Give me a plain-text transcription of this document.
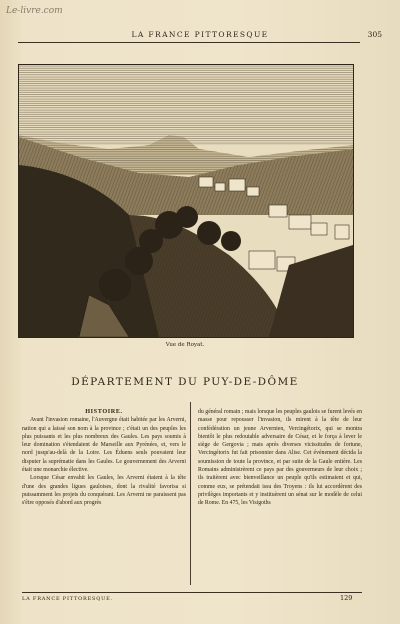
Le-livre.com
LA FRANCE PITTORESQUE	305
Vue de Royat.
DÉPARTEMENT DU PUY-DE-DÔME

HISTOIRE.

Avant l'invasion romaine, l'Auvergne était habitée par les Arverni, nation qui a laissé son nom à la province ; c'était un des peuples les plus puissants et les plus nombreux des Gaules. Les pays soumis à leur domination s'étendaient de Marseille aux Pyrénées, et, vers le nord jusqu'au-delà de la Loire. Les Éduens seuls pouvaient leur disputer la suprématie dans les Gaules. Le gouvernement des Arverni était une monarchie élective.

Lorsque César envahit les Gaules, les Arverni étaient à la tête d'une des grandes ligues gauloises, dont la rivalité favorisa si puissamment les projets du conquérant. Les Arverni ne paraissent pas s'être opposés d'abord aux progrès

du général romain ; mais lorsque les peuples gaulois se furent levés en masse pour repousser l'invasion, ils mirent à la tête de leur confédération un jeune Arvernien, Vercingétorix, qui se montra bientôt le plus redoutable adversaire de César, et le força à lever le siège de Gergovia ; mais après diverses vicissitudes de fortune, Vercingétorix fut fait prisonnier dans Alise. Cet événement décida la soumission de toute la province, et par suite de la Gaule entière. Les Romains administrèrent ce pays par des gouverneurs de leur choix ; ils traitèrent avec bienveillance un peuple qu'ils estimaient et qui, comme eux, se prétendait issu des Troyens : ils lui accordèrent des privilèges importants et y instituèrent un sénat sur le modèle de celui de Rome. En 475, les Visigoths

LA FRANCE PITTORESQUE.	129
